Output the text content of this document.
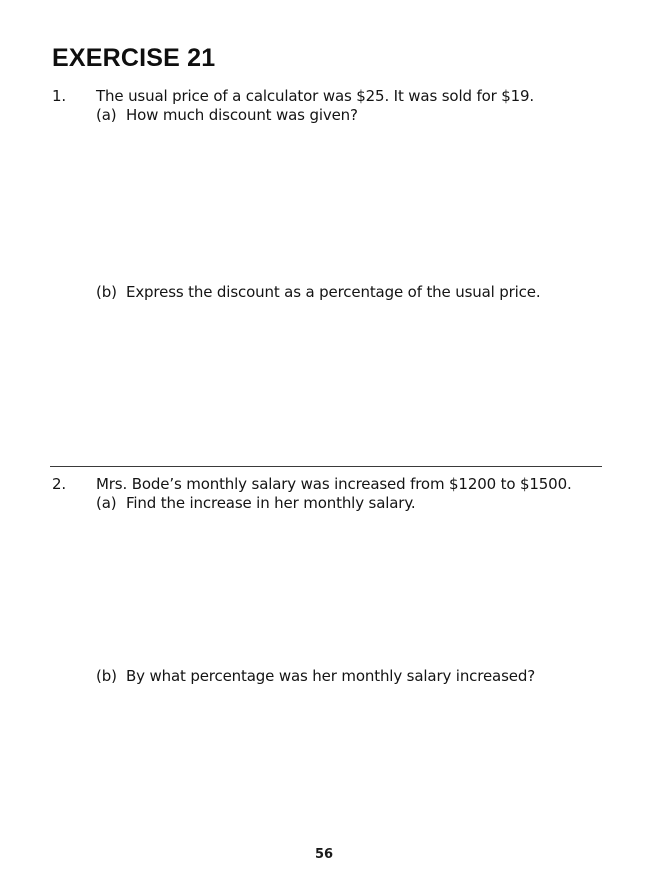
EXERCISE 21
1. The usual price of a calculator was $25. It was sold for $19.
(a) How much discount was given?
(b) Express the discount as a percentage of the usual price.
2. Mrs. Bode’s monthly salary was increased from $1200 to $1500.
(a) Find the increase in her monthly salary.
(b) By what percentage was her monthly salary increased?
56
